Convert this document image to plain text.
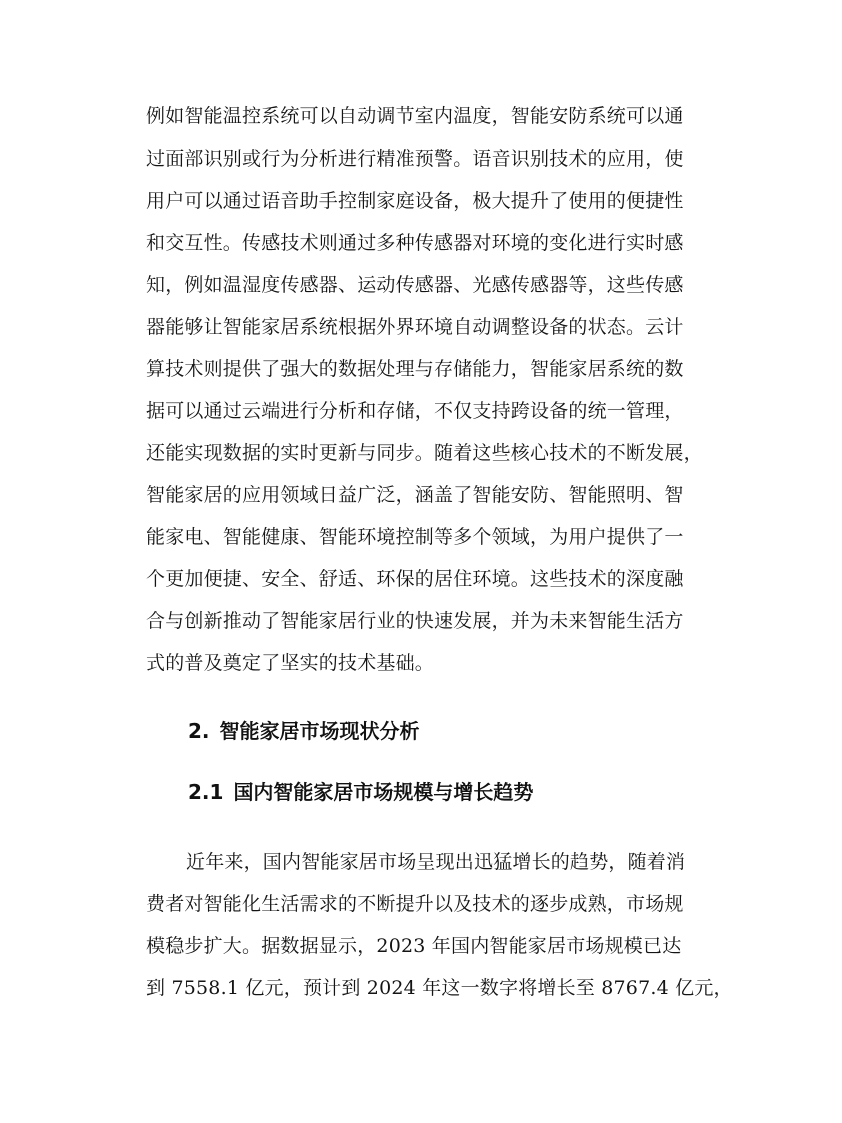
例如智能温控系统可以自动调节室内温度，智能安防系统可以通
过面部识别或行为分析进行精准预警。语音识别技术的应用，使
用户可以通过语音助手控制家庭设备，极大提升了使用的便捷性
和交互性。传感技术则通过多种传感器对环境的变化进行实时感
知，例如温湿度传感器、运动传感器、光感传感器等，这些传感
器能够让智能家居系统根据外界环境自动调整设备的状态。云计
算技术则提供了强大的数据处理与存储能力，智能家居系统的数
据可以通过云端进行分析和存储，不仅支持跨设备的统一管理，
还能实现数据的实时更新与同步。随着这些核心技术的不断发展，
智能家居的应用领域日益广泛，涵盖了智能安防、智能照明、智
能家电、智能健康、智能环境控制等多个领域，为用户提供了一
个更加便捷、安全、舒适、环保的居住环境。这些技术的深度融
合与创新推动了智能家居行业的快速发展，并为未来智能生活方
式的普及奠定了坚实的技术基础。
2. 智能家居市场现状分析
2.1 国内智能家居市场规模与增长趋势
近年来，国内智能家居市场呈现出迅猛增长的趋势，随着消
费者对智能化生活需求的不断提升以及技术的逐步成熟，市场规
模稳步扩大。据数据显示，2023 年国内智能家居市场规模已达
到 7558.1 亿元，预计到 2024 年这一数字将增长至 8767.4 亿元，
